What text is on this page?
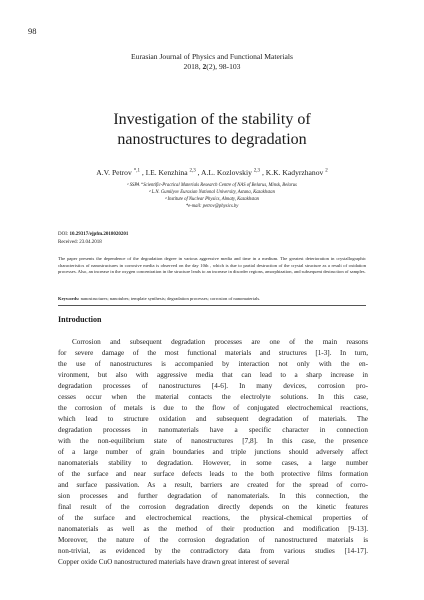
98
Eurasian Journal of Physics and Functional Materials
2018, 2(2), 98-103
Investigation of the stability of
nanostructures to degradation
A.V. Petrov $^{*,1}$ , I.E. Kenzhina $^{2,3}$ , A.L. Kozlovskiy $^{2,3}$ , K.K. Kadyrzhanov $^2$
¹ SSPA “Scientific-Practical Materials Research Centre of NAS of Belarus, Minsk, Belarus
² L.N. Gumilyov Eurasian National University, Astana, Kazakhstan
³ Institute of Nuclear Physics, Almaty, Kazakhstan
*e-mail: petrov@physics.by
DOI: 10.29317/ejpfm.2018020201
Received: 23.04.2018
The paper presents the dependence of the degradation degree in various aggressive media and time in a medium. The greatest deterioration in crystallographic characteristics of nanostructures in corrosive media is observed on the day 10th , which is due to partial destruction of the crystal structure as a result of oxidation processes. Also, an increase in the oxygen concentration in the structure leads to an increase in disorder regions, amorphization, and subsequent destruction of samples.
Keywords: nanostructures; nanotubes; template synthesis; degradation processes; corrosion of nanomaterials.
Introduction
Corrosion and subsequent degradation processes are one of the main reasons
for severe damage of the most functional materials and structures [1-3]. In turn,
the use of nanostructures is accompanied by interaction not only with the en-
vironment, but also with aggressive media that can lead to a sharp increase in
degradation processes of nanostructures [4-6]. In many devices, corrosion pro-
cesses occur when the material contacts the electrolyte solutions. In this case,
the corrosion of metals is due to the flow of conjugated electrochemical reactions,
which lead to structure oxidation and subsequent degradation of materials. The
degradation processes in nanomaterials have a specific character in connection
with the non-equilibrium state of nanostructures [7,8]. In this case, the presence
of a large number of grain boundaries and triple junctions should adversely affect
nanomaterials stability to degradation. However, in some cases, a large number
of the surface and near surface defects leads to the both protective films formation
and surface passivation. As a result, barriers are created for the spread of corro-
sion processes and further degradation of nanomaterials. In this connection, the
final result of the corrosion degradation directly depends on the kinetic features
of the surface and electrochemical reactions, the physical-chemical properties of
nanomaterials as well as the method of their production and modification [9-13].
Moreover, the nature of the corrosion degradation of nanostructured materials is
non-trivial, as evidenced by the contradictory data from various studies [14-17].
Copper oxide CuO nanostructured materials have drawn great interest of several
